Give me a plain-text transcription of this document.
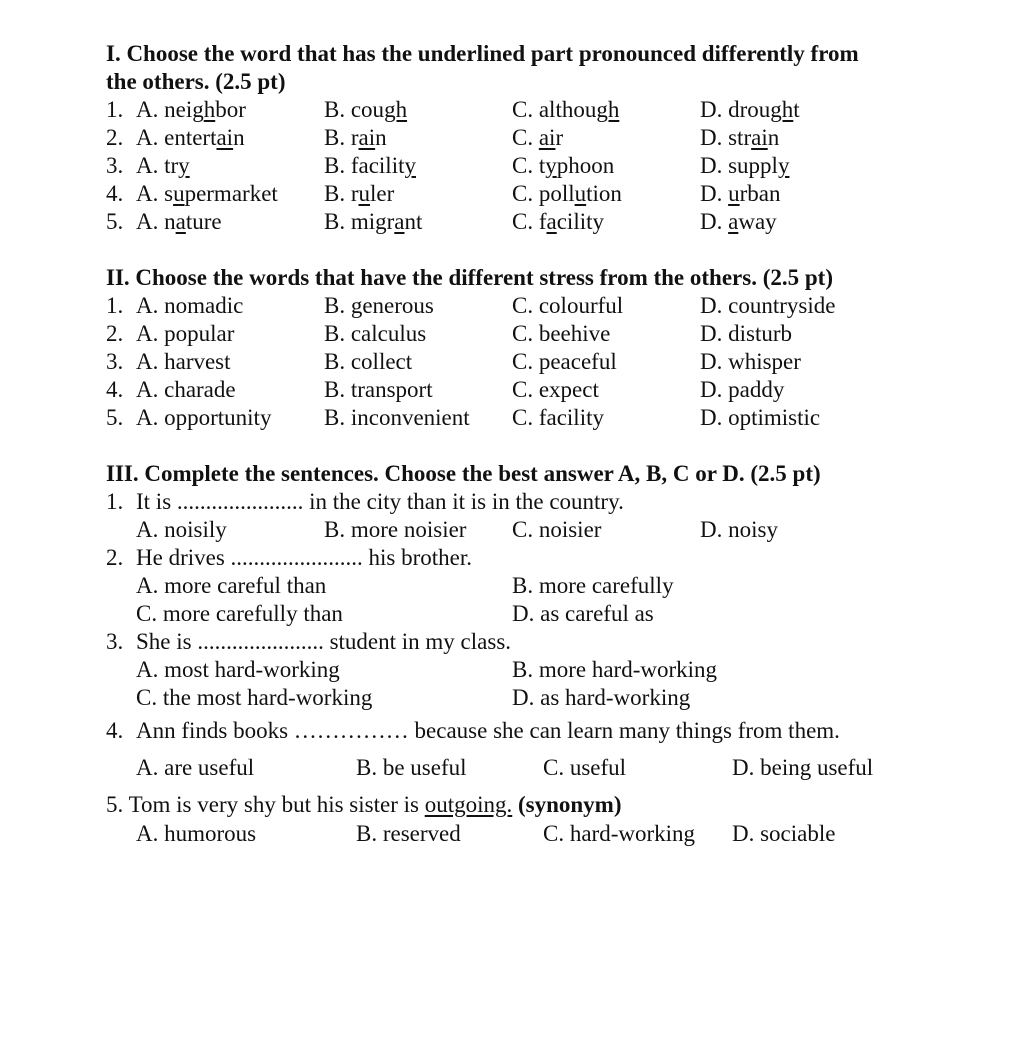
I. Choose the word that has the underlined part pronounced differently from
the others. (2.5 pt)
1. A. neighbor	B. cough	C. although	D. drought
2. A. entertain	B. rain	C. air	D. strain
3. A. try	B. facility	C. typhoon	D. supply
4. A. supermarket B. ruler	C. pollution	D. urban
5. A. nature	B. migrant	C. facility	D. away
II. Choose the words that have the different stress from the others. (2.5 pt)
1. A. nomadic	B. generous	C. colourful	D. countryside
2. A. popular	B. calculus	C. beehive	D. disturb
3. A. harvest	B. collect	C. peaceful	D. whisper
4. A. charade	B. transport	C. expect	D. paddy
5. A. opportunity B. inconvenient C. facility	D. optimistic
III. Complete the sentences. Choose the best answer A, B, C or D. (2.5 pt)
1. It is ...................... in the city than it is in the country.
A. noisily	B. more noisier C. noisier	D. noisy
2. He drives ....................... his brother.
A. more careful than	B. more carefully
C. more carefully than	D. as careful as
3. She is ...................... student in my class.
A. most hard-working	B. more hard-working
C. the most hard-working	D. as hard-working
4. Ann finds books …………… because she can learn many things from them.
A. are useful	B. be useful	C. useful	D. being useful
5. Tom is very shy but his sister is outgoing. (synonym)
A. humorous	B. reserved	C. hard-working D. sociable
